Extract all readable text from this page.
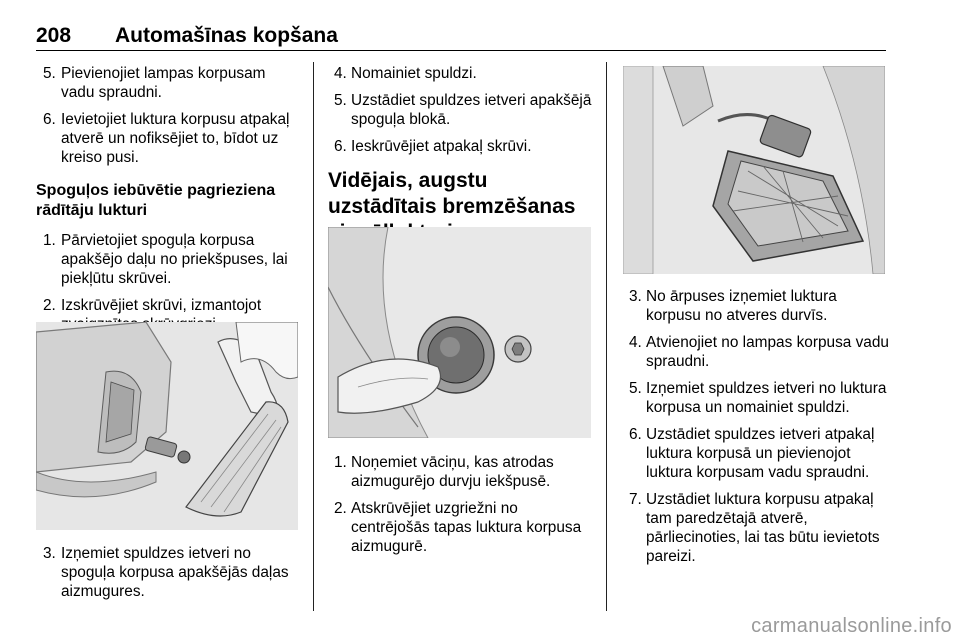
208 Automašīnas kopšana
5. Pievienojiet lampas korpusam vadu spraudni.
6. Ievietojiet luktura korpusu atpakaļ atverē un nofiksējiet to, bīdot uz kreiso pusi.
Spoguļos iebūvētie pagrieziena rādītāju lukturi
1. Pārvietojiet spoguļa korpusa apakšējo daļu no priekšpuses, lai piekļūtu skrūvei.
2. Izskrūvējiet skrūvi, izmantojot
3. Izņemiet spuldzes ietveri no spoguļa korpusa apakšējās daļas aizmugures.
4. Nomainiet spuldzi.
5. Uzstādiet spuldzes ietveri apakšējā spoguļa blokā.
6. Ieskrūvējiet atpakaļ skrūvi.
Vidējais, augstu uzstādītais bremzēšanas
1. Noņemiet vāciņu, kas atrodas aizmugurējo durvju iekšpusē.
2. Atskrūvējiet uzgriežni no centrējošās tapas luktura korpusa aizmugurē.
3. No ārpuses izņemiet luktura korpusu no atveres durvīs.
4. Atvienojiet no lampas korpusa vadu spraudni.
5. Izņemiet spuldzes ietveri no luktura korpusa un nomainiet spuldzi.
6. Uzstādiet spuldzes ietveri atpakaļ luktura korpusā un pievienojot luktura korpusam vadu spraudni.
7. Uzstādiet luktura korpusu atpakaļ tam paredzētajā atverē, pārliecinoties, lai tas būtu ievietots pareizi.
carmanualsonline.info
